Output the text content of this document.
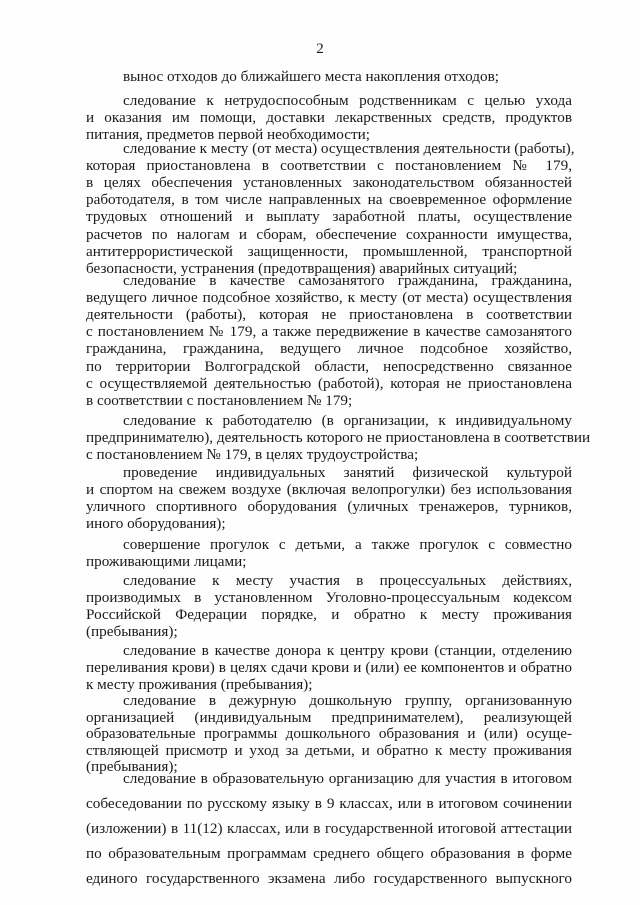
2
вынос отходов до ближайшего места накопления отходов;
следование к нетрудоспособным родственникам с целью ухода
и оказания им помощи, доставки лекарственных средств, продуктов
питания, предметов первой необходимости;
следование к месту (от места) осуществления деятельности (работы),
которая приостановлена в соответствии с постановлением № 179,
в целях обеспечения установленных законодательством обязанностей
работодателя, в том числе направленных на своевременное оформление
трудовых отношений и выплату заработной платы, осуществление
расчетов по налогам и сборам, обеспечение сохранности имущества,
антитеррористической защищенности, промышленной, транспортной
безопасности, устранения (предотвращения) аварийных ситуаций;
следование в качестве самозанятого гражданина, гражданина,
ведущего личное подсобное хозяйство, к месту (от места) осуществления
деятельности (работы), которая не приостановлена в соответствии
с постановлением № 179, а также передвижение в качестве самозанятого
гражданина, гражданина, ведущего личное подсобное хозяйство,
по территории Волгоградской области, непосредственно связанное
с осуществляемой деятельностью (работой), которая не приостановлена
в соответствии с постановлением № 179;
следование к работодателю (в организации, к индивидуальному
предпринимателю), деятельность которого не приостановлена в соответствии
с постановлением № 179, в целях трудоустройства;
проведение индивидуальных занятий физической культурой
и спортом на свежем воздухе (включая велопрогулки) без использования
уличного спортивного оборудования (уличных тренажеров, турников,
иного оборудования);
совершение прогулок с детьми, а также прогулок с совместно
проживающими лицами;
следование к месту участия в процессуальных действиях,
производимых в установленном Уголовно-процессуальным кодексом
Российской Федерации порядке, и обратно к месту проживания
(пребывания);
следование в качестве донора к центру крови (станции, отделению
переливания крови) в целях сдачи крови и (или) ее компонентов и обратно
к месту проживания (пребывания);
следование в дежурную дошкольную группу, организованную
организацией (индивидуальным предпринимателем), реализующей
образовательные программы дошкольного образования и (или) осуще-
ствляющей присмотр и уход за детьми, и обратно к месту проживания
(пребывания);
следование в образовательную организацию для участия в итоговом
собеседовании по русскому языку в 9 классах, или в итоговом сочинении
(изложении) в 11(12) классах, или в государственной итоговой аттестации
по образовательным программам среднего общего образования в форме
единого государственного экзамена либо государственного выпускного
